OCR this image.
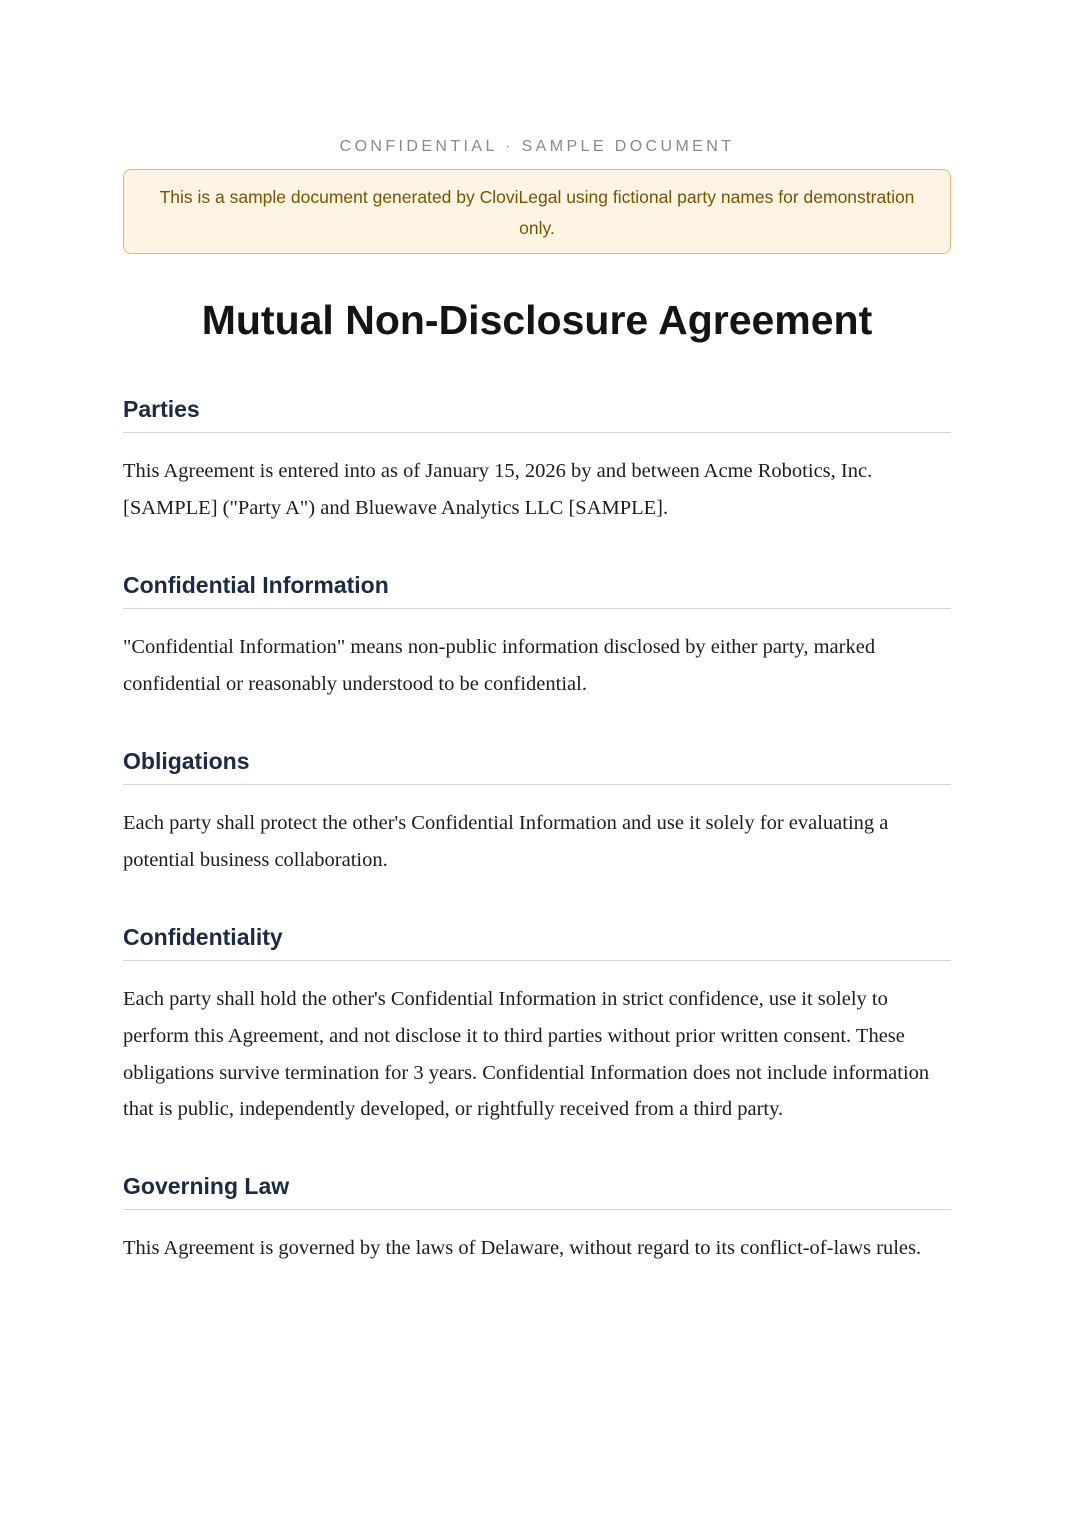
CONFIDENTIAL · SAMPLE DOCUMENT
This is a sample document generated by CloviLegal using fictional party names for demonstration only.
Mutual Non-Disclosure Agreement
Parties

This Agreement is entered into as of January 15, 2026 by and between Acme Robotics, Inc. [SAMPLE] ("Party A") and Bluewave Analytics LLC [SAMPLE].

Confidential Information

"Confidential Information" means non-public information disclosed by either party, marked confidential or reasonably understood to be confidential.

Obligations

Each party shall protect the other's Confidential Information and use it solely for evaluating a potential business collaboration.

Confidentiality

Each party shall hold the other's Confidential Information in strict confidence, use it solely to perform this Agreement, and not disclose it to third parties without prior written consent. These obligations survive termination for 3 years. Confidential Information does not include information that is public, independently developed, or rightfully received from a third party.

Governing Law

This Agreement is governed by the laws of Delaware, without regard to its conflict-of-laws rules.
